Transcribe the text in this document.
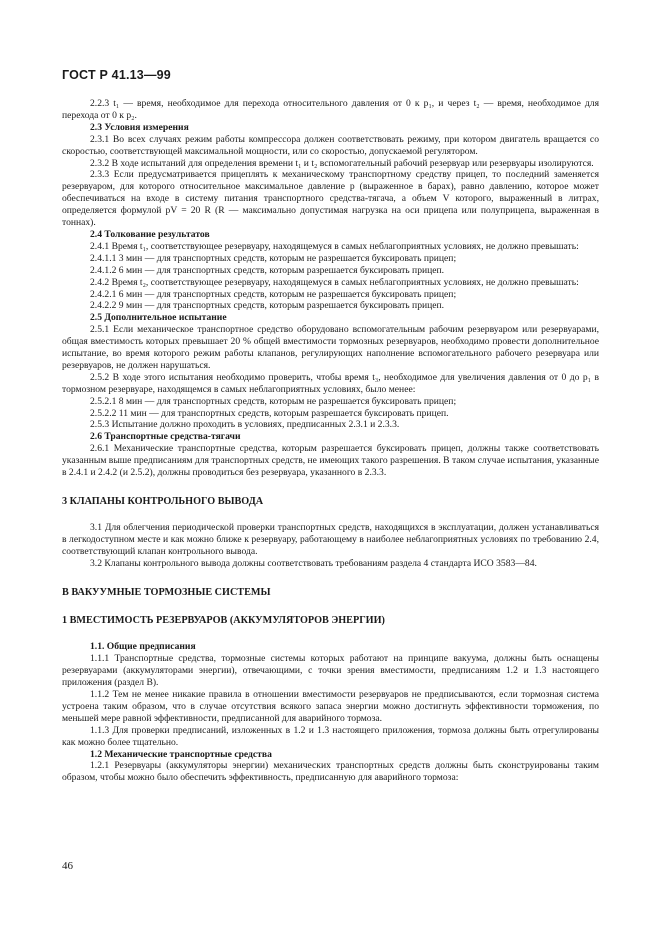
ГОСТ Р 41.13—99

2.2.3 t₁ — время, необходимое для перехода относительного давления от 0 к p₁, и через t₂ — время, необходимое для перехода от 0 к p₂.

2.3 Условия измерения

2.3.1 Во всех случаях режим работы компрессора должен соответствовать режиму, при котором двигатель вращается со скоростью, соответствующей максимальной мощности, или со скоростью, допускаемой регулятором.

2.3.2 В ходе испытаний для определения времени t₁ и t₂ вспомогательный рабочий резервуар или резервуары изолируются.

2.3.3 Если предусматривается прицеплять к механическому транспортному средству прицеп, то последний заменяется резервуаром, для которого относительное максимальное давление p (выраженное в барах), равно давлению, которое может обеспечиваться на входе в систему питания транспортного средства-тягача, а объем V которого, выраженный в литрах, определяется формулой pV = 20 R (R — максимально допустимая нагрузка на оси прицепа или полуприцепа, выраженная в тоннах).

2.4 Толкование результатов

2.4.1 Время t₁, соответствующее резервуару, находящемуся в самых неблагоприятных условиях, не должно превышать:

2.4.1.1 3 мин — для транспортных средств, которым не разрешается буксировать прицеп;

2.4.1.2 6 мин — для транспортных средств, которым разрешается буксировать прицеп.

2.4.2 Время t₂, соответствующее резервуару, находящемуся в самых неблагоприятных условиях, не должно превышать:

2.4.2.1 6 мин — для транспортных средств, которым не разрешается буксировать прицеп;

2.4.2.2 9 мин — для транспортных средств, которым разрешается буксировать прицеп.

2.5 Дополнительное испытание

2.5.1 Если механическое транспортное средство оборудовано вспомогательным рабочим резервуаром или резервуарами, общая вместимость которых превышает 20 % общей вместимости тормозных резервуаров, необходимо провести дополнительное испытание, во время которого режим работы клапанов, регулирующих наполнение вспомогательного рабочего резервуара или резервуаров, не должен нарушаться.

2.5.2 В ходе этого испытания необходимо проверить, чтобы время t₃, необходимое для увеличения давления от 0 до p₁ в тормозном резервуаре, находящемся в самых неблагоприятных условиях, было менее:

2.5.2.1 8 мин — для транспортных средств, которым не разрешается буксировать прицеп;

2.5.2.2 11 мин — для транспортных средств, которым разрешается буксировать прицеп.

2.5.3 Испытание должно проходить в условиях, предписанных 2.3.1 и 2.3.3.

2.6 Транспортные средства-тягачи

2.6.1 Механические транспортные средства, которым разрешается буксировать прицеп, должны также соответствовать указанным выше предписаниям для транспортных средств, не имеющих такого разрешения. В таком случае испытания, указанные в 2.4.1 и 2.4.2 (и 2.5.2), должны проводиться без резервуара, указанного в 2.3.3.

3 КЛАПАНЫ КОНТРОЛЬНОГО ВЫВОДА

3.1 Для облегчения периодической проверки транспортных средств, находящихся в эксплуатации, должен устанавливаться в легкодоступном месте и как можно ближе к резервуару, работающему в наиболее неблагоприятных условиях по требованию 2.4, соответствующий клапан контрольного вывода.

3.2 Клапаны контрольного вывода должны соответствовать требованиям раздела 4 стандарта ИСО 3583—84.

В ВАКУУМНЫЕ ТОРМОЗНЫЕ СИСТЕМЫ
1 ВМЕСТИМОСТЬ РЕЗЕРВУАРОВ (АККУМУЛЯТОРОВ ЭНЕРГИИ)
1.1. Общие предписания

1.1.1 Транспортные средства, тормозные системы которых работают на принципе вакуума, должны быть оснащены резервуарами (аккумуляторами энергии), отвечающими, с точки зрения вместимости, предписаниям 1.2 и 1.3 настоящего приложения (раздел В).

1.1.2 Тем не менее никакие правила в отношении вместимости резервуаров не предписываются, если тормозная система устроена таким образом, что в случае отсутствия всякого запаса энергии можно достигнуть эффективности торможения, по меньшей мере равной эффективности, предписанной для аварийного тормоза.

1.1.3 Для проверки предписаний, изложенных в 1.2 и 1.3 настоящего приложения, тормоза должны быть отрегулированы как можно более тщательно.

1.2 Механические транспортные средства

1.2.1 Резервуары (аккумуляторы энергии) механических транспортных средств должны быть сконструированы таким образом, чтобы можно было обеспечить эффективность, предписанную для аварийного тормоза:

46
